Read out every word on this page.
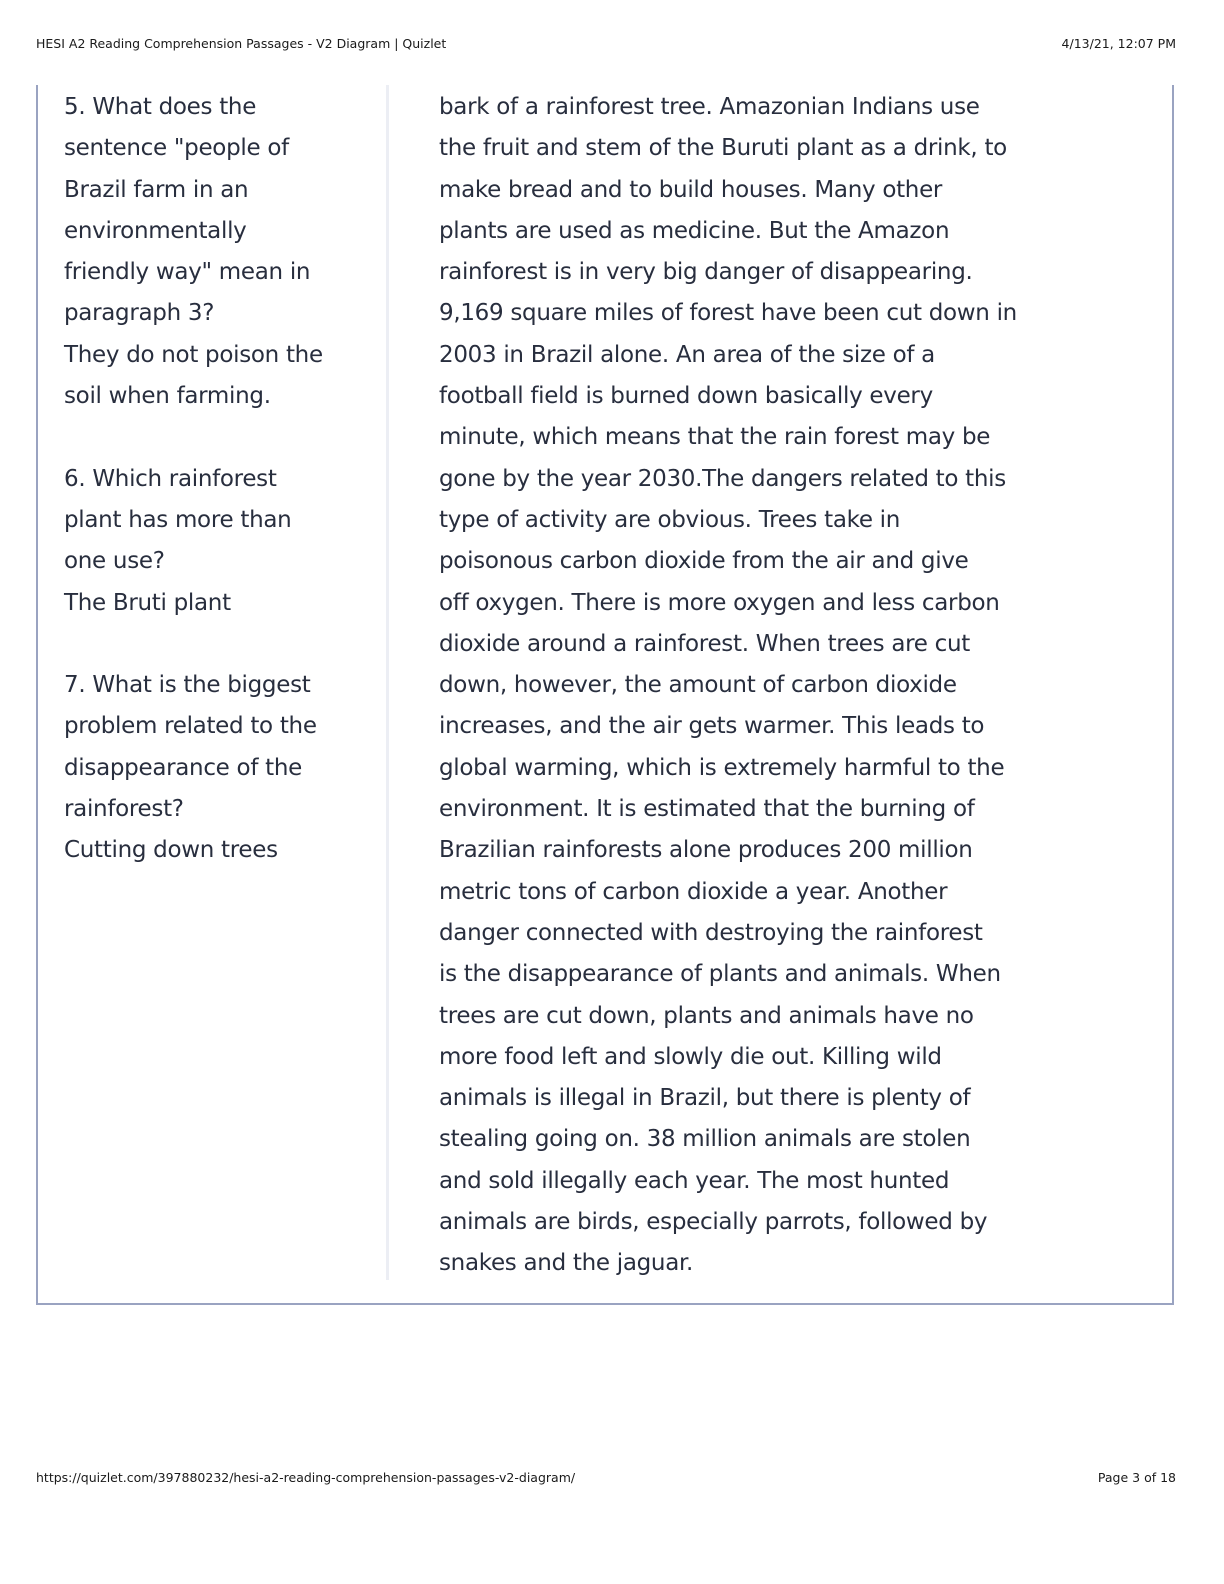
HESI A2 Reading Comprehension Passages - V2 Diagram | Quizlet	4/13/21, 12:07 PM
5. What does the
sentence "people of
Brazil farm in an
environmentally
friendly way" mean in
paragraph 3?
They do not poison the
soil when farming.
6. Which rainforest
plant has more than
one use?
The Bruti plant
7. What is the biggest
problem related to the
disappearance of the
rainforest?
Cutting down trees
bark of a rainforest tree. Amazonian Indians use
the fruit and stem of the Buruti plant as a drink, to
make bread and to build houses. Many other
plants are used as medicine. But the Amazon
rainforest is in very big danger of disappearing.
9,169 square miles of forest have been cut down in
2003 in Brazil alone. An area of the size of a
football field is burned down basically every
minute, which means that the rain forest may be
gone by the year 2030.The dangers related to this
type of activity are obvious. Trees take in
poisonous carbon dioxide from the air and give
off oxygen. There is more oxygen and less carbon
dioxide around a rainforest. When trees are cut
down, however, the amount of carbon dioxide
increases, and the air gets warmer. This leads to
global warming, which is extremely harmful to the
environment. It is estimated that the burning of
Brazilian rainforests alone produces 200 million
metric tons of carbon dioxide a year. Another
danger connected with destroying the rainforest
is the disappearance of plants and animals. When
trees are cut down, plants and animals have no
more food left and slowly die out. Killing wild
animals is illegal in Brazil, but there is plenty of
stealing going on. 38 million animals are stolen
and sold illegally each year. The most hunted
animals are birds, especially parrots, followed by
snakes and the jaguar.
https://quizlet.com/397880232/hesi-a2-reading-comprehension-passages-v2-diagram/	Page 3 of 18
